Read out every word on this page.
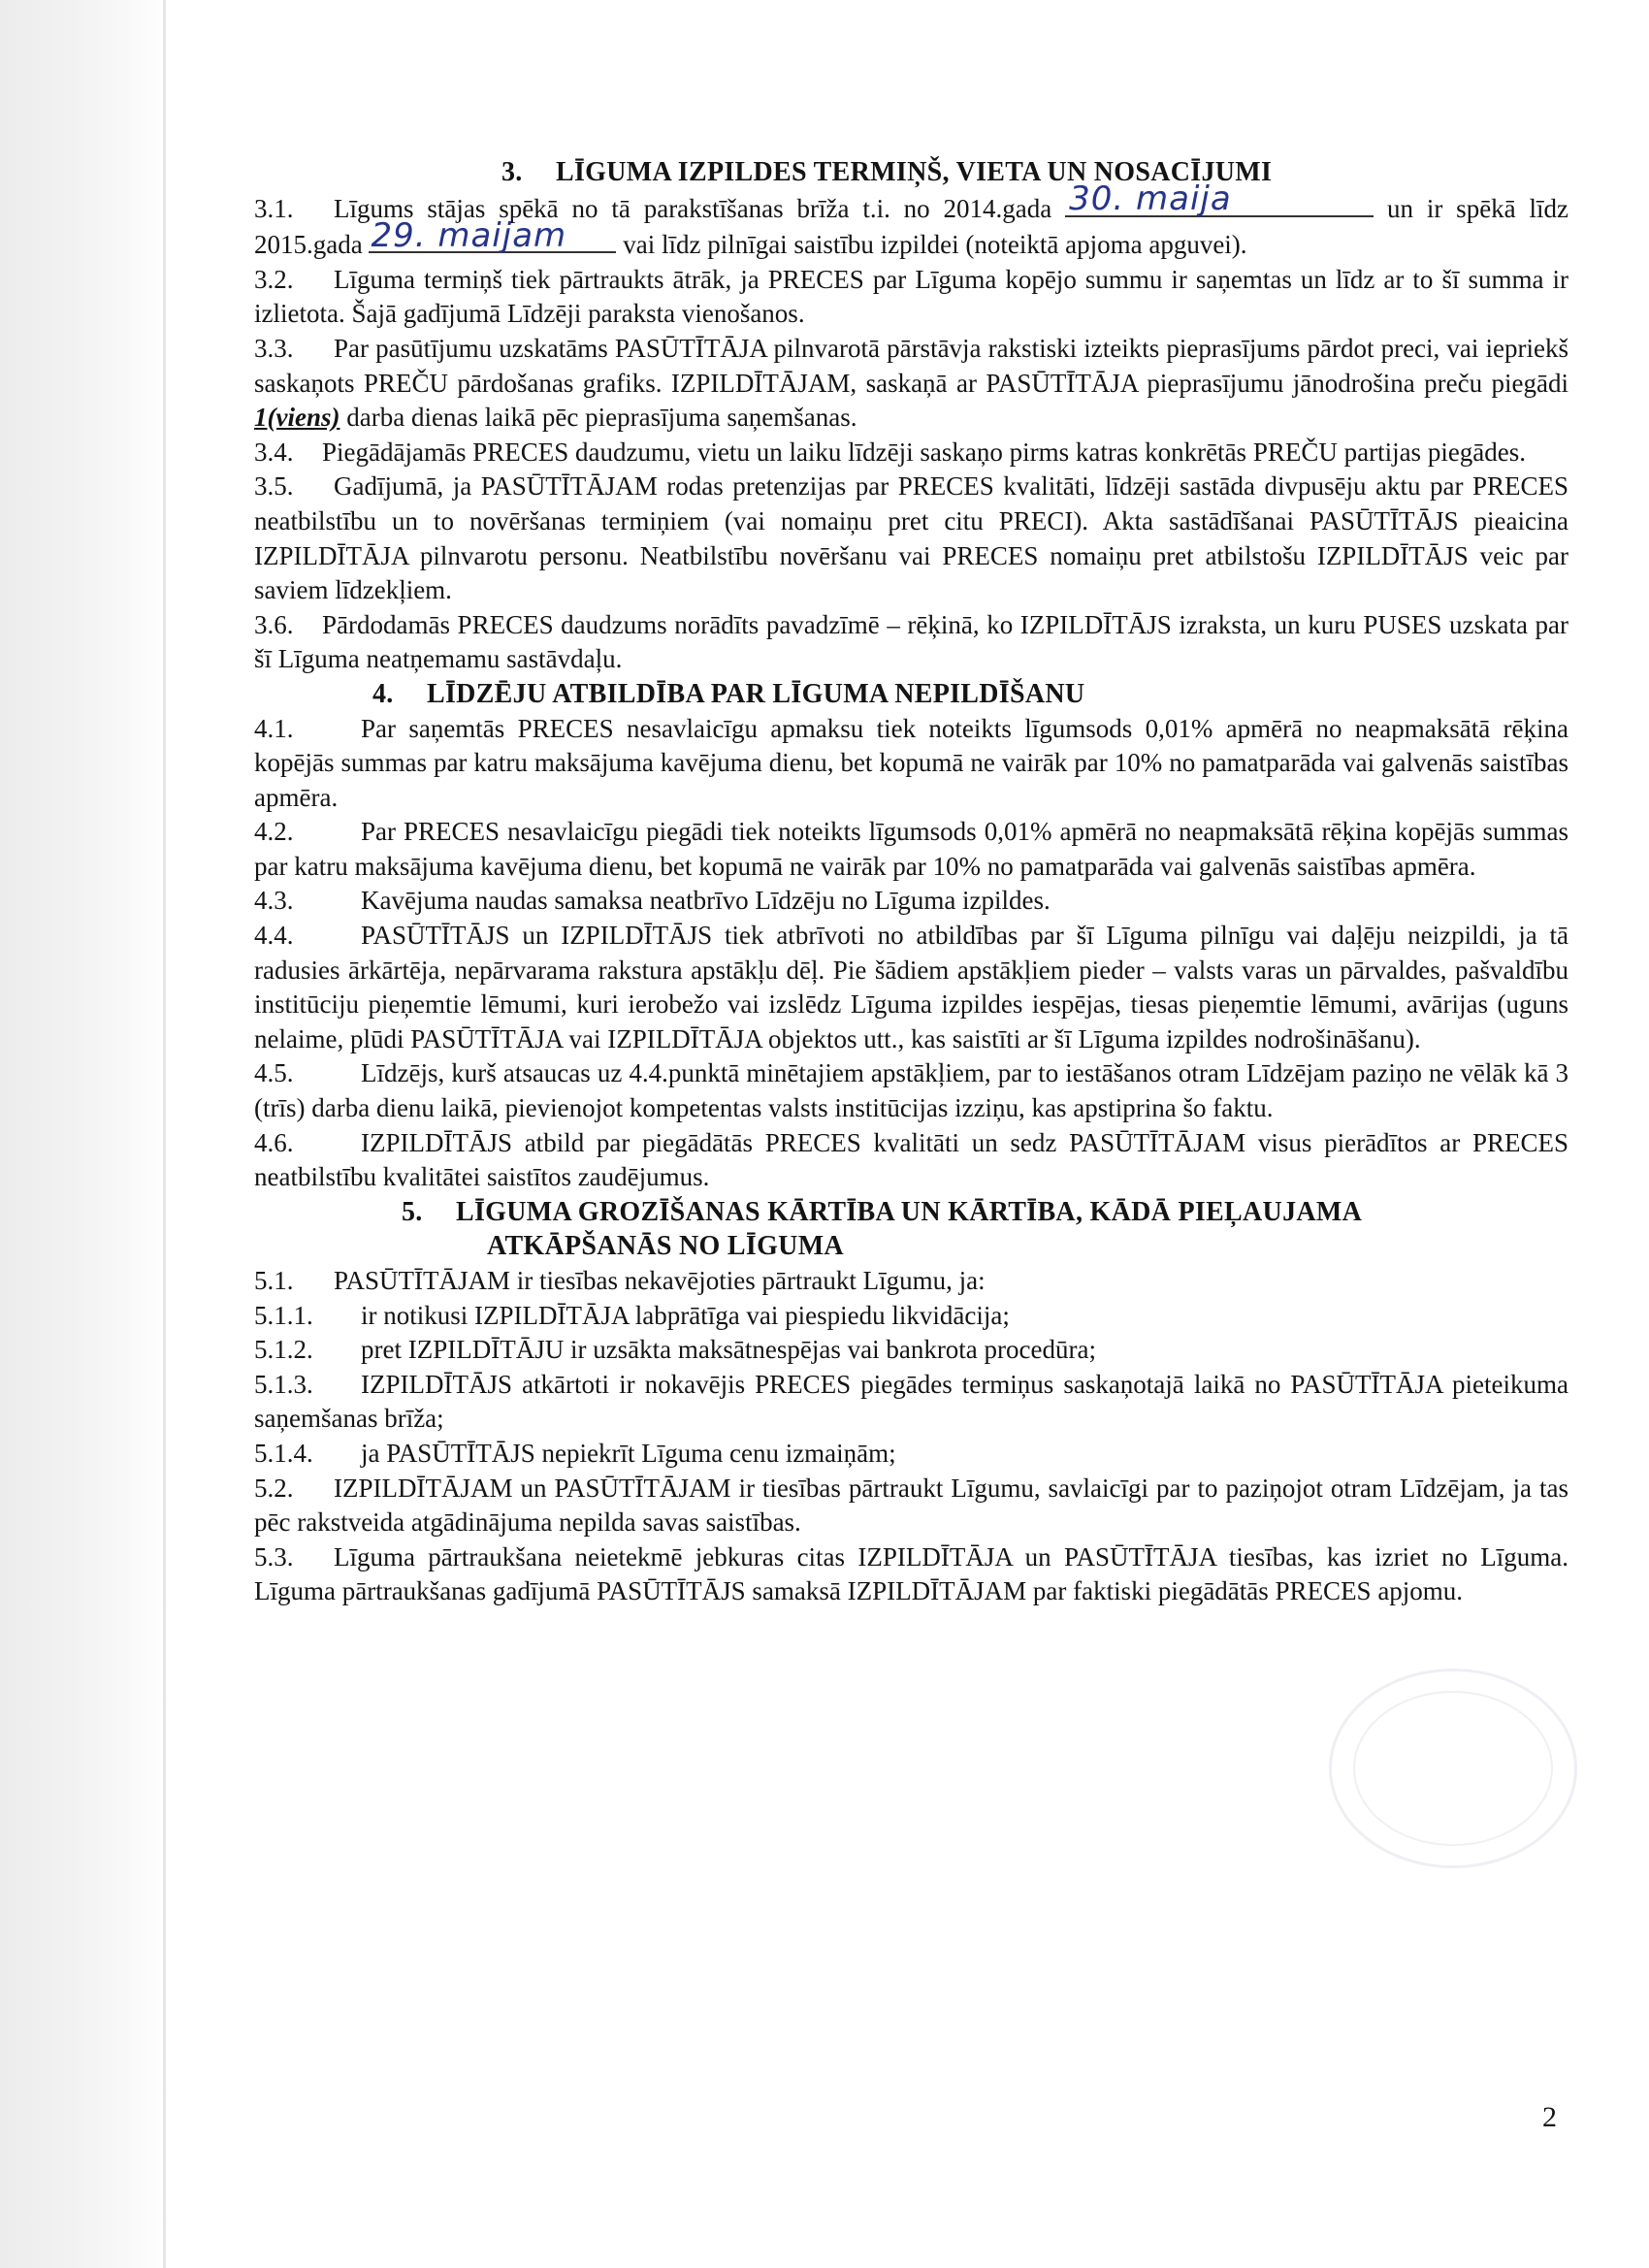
3. LĪGUMA IZPILDES TERMIŅŠ, VIETA UN NOSACĪJUMI

3.1. Līgums stājas spēkā no tā parakstīšanas brīža t.i. no 2014.gada 30. maija	un ir spēkā līdz 2015.gada 29. maijam vai līdz pilnīgai saistību izpildei (noteiktā apjoma apguvei).

3.2. Līguma termiņš tiek pārtraukts ātrāk, ja PRECES par Līguma kopējo summu ir saņemtas un līdz ar to šī summa ir izlietota. Šajā gadījumā Līdzēji paraksta vienošanos.

3.3. Par pasūtījumu uzskatāms PASŪTĪTĀJA pilnvarotā pārstāvja rakstiski izteikts pieprasījums pārdot preci, vai iepriekš saskaņots PREČU pārdošanas grafiks. IZPILDĪTĀJAM, saskaņā ar PASŪTĪTĀJA pieprasījumu jānodrošina preču piegādi 1(viens) darba dienas laikā pēc pieprasījuma saņemšanas.

3.4. Piegādājamās PRECES daudzumu, vietu un laiku līdzēji saskaņo pirms katras konkrētās PREČU partijas piegādes.

3.5. Gadījumā, ja PASŪTĪTĀJAM rodas pretenzijas par PRECES kvalitāti, līdzēji sastāda divpusēju aktu par PRECES neatbilstību un to novēršanas termiņiem (vai nomaiņu pret citu PRECI). Akta sastādīšanai PASŪTĪTĀJS pieaicina IZPILDĪTĀJA pilnvarotu personu. Neatbilstību novēršanu vai PRECES nomaiņu pret atbilstošu IZPILDĪTĀJS veic par saviem līdzekļiem.

3.6. Pārdodamās PRECES daudzums norādīts pavadzīmē – rēķinā, ko IZPILDĪTĀJS izraksta, un kuru PUSES uzskata par šī Līguma neatņemamu sastāvdaļu.

4. LĪDZĒJU ATBILDĪBA PAR LĪGUMA NEPILDĪŠANU

4.1.	Par saņemtās PRECES nesavlaicīgu apmaksu tiek noteikts līgumsods 0,01% apmērā no neapmaksātā rēķina kopējās summas par katru maksājuma kavējuma dienu, bet kopumā ne vairāk par 10% no pamatparāda vai galvenās saistības apmēra.

4.2.	Par PRECES nesavlaicīgu piegādi tiek noteikts līgumsods 0,01% apmērā no neapmaksātā rēķina kopējās summas par katru maksājuma kavējuma dienu, bet kopumā ne vairāk par 10% no pamatparāda vai galvenās saistības apmēra.

4.3.	Kavējuma naudas samaksa neatbrīvo Līdzēju no Līguma izpildes.

4.4.	PASŪTĪTĀJS un IZPILDĪTĀJS tiek atbrīvoti no atbildības par šī Līguma pilnīgu vai daļēju neizpildi, ja tā radusies ārkārtēja, nepārvarama rakstura apstākļu dēļ. Pie šādiem apstākļiem pieder – valsts varas un pārvaldes, pašvaldību institūciju pieņemtie lēmumi, kuri ierobežo vai izslēdz Līguma izpildes iespējas, tiesas pieņemtie lēmumi, avārijas (uguns nelaime, plūdi PASŪTĪTĀJA vai IZPILDĪTĀJA objektos utt., kas saistīti ar šī Līguma izpildes nodrošināšanu).

4.5.	Līdzējs, kurš atsaucas uz 4.4.punktā minētajiem apstākļiem, par to iestāšanos otram Līdzējam paziņo ne vēlāk kā 3 (trīs) darba dienu laikā, pievienojot kompetentas valsts institūcijas izziņu, kas apstiprina šo faktu.

4.6.	IZPILDĪTĀJS atbild par piegādātās PRECES kvalitāti un sedz PASŪTĪTĀJAM visus pierādītos ar PRECES neatbilstību kvalitātei saistītos zaudējumus.

5. LĪGUMA GROZĪŠANAS KĀRTĪBA UN KĀRTĪBA, KĀDĀ PIEĻAUJAMA

ATKĀPŠANĀS NO LĪGUMA

5.1. PASŪTĪTĀJAM ir tiesības nekavējoties pārtraukt Līgumu, ja:

5.1.1. ir notikusi IZPILDĪTĀJA labprātīga vai piespiedu likvidācija;

5.1.2. pret IZPILDĪTĀJU ir uzsākta maksātnespējas vai bankrota procedūra;

5.1.3. IZPILDĪTĀJS atkārtoti ir nokavējis PRECES piegādes termiņus saskaņotajā laikā no PASŪTĪTĀJA pieteikuma saņemšanas brīža;

5.1.4. ja PASŪTĪTĀJS nepiekrīt Līguma cenu izmaiņām;

5.2. IZPILDĪTĀJAM un PASŪTĪTĀJAM ir tiesības pārtraukt Līgumu, savlaicīgi par to paziņojot otram Līdzējam, ja tas pēc rakstveida atgādinājuma nepilda savas saistības.

5.3. Līguma pārtraukšana neietekmē jebkuras citas IZPILDĪTĀJA un PASŪTĪTĀJA tiesības, kas izriet no Līguma. Līguma pārtraukšanas gadījumā PASŪTĪTĀJS samaksā IZPILDĪTĀJAM par faktiski piegādātās PRECES apjomu.

2
